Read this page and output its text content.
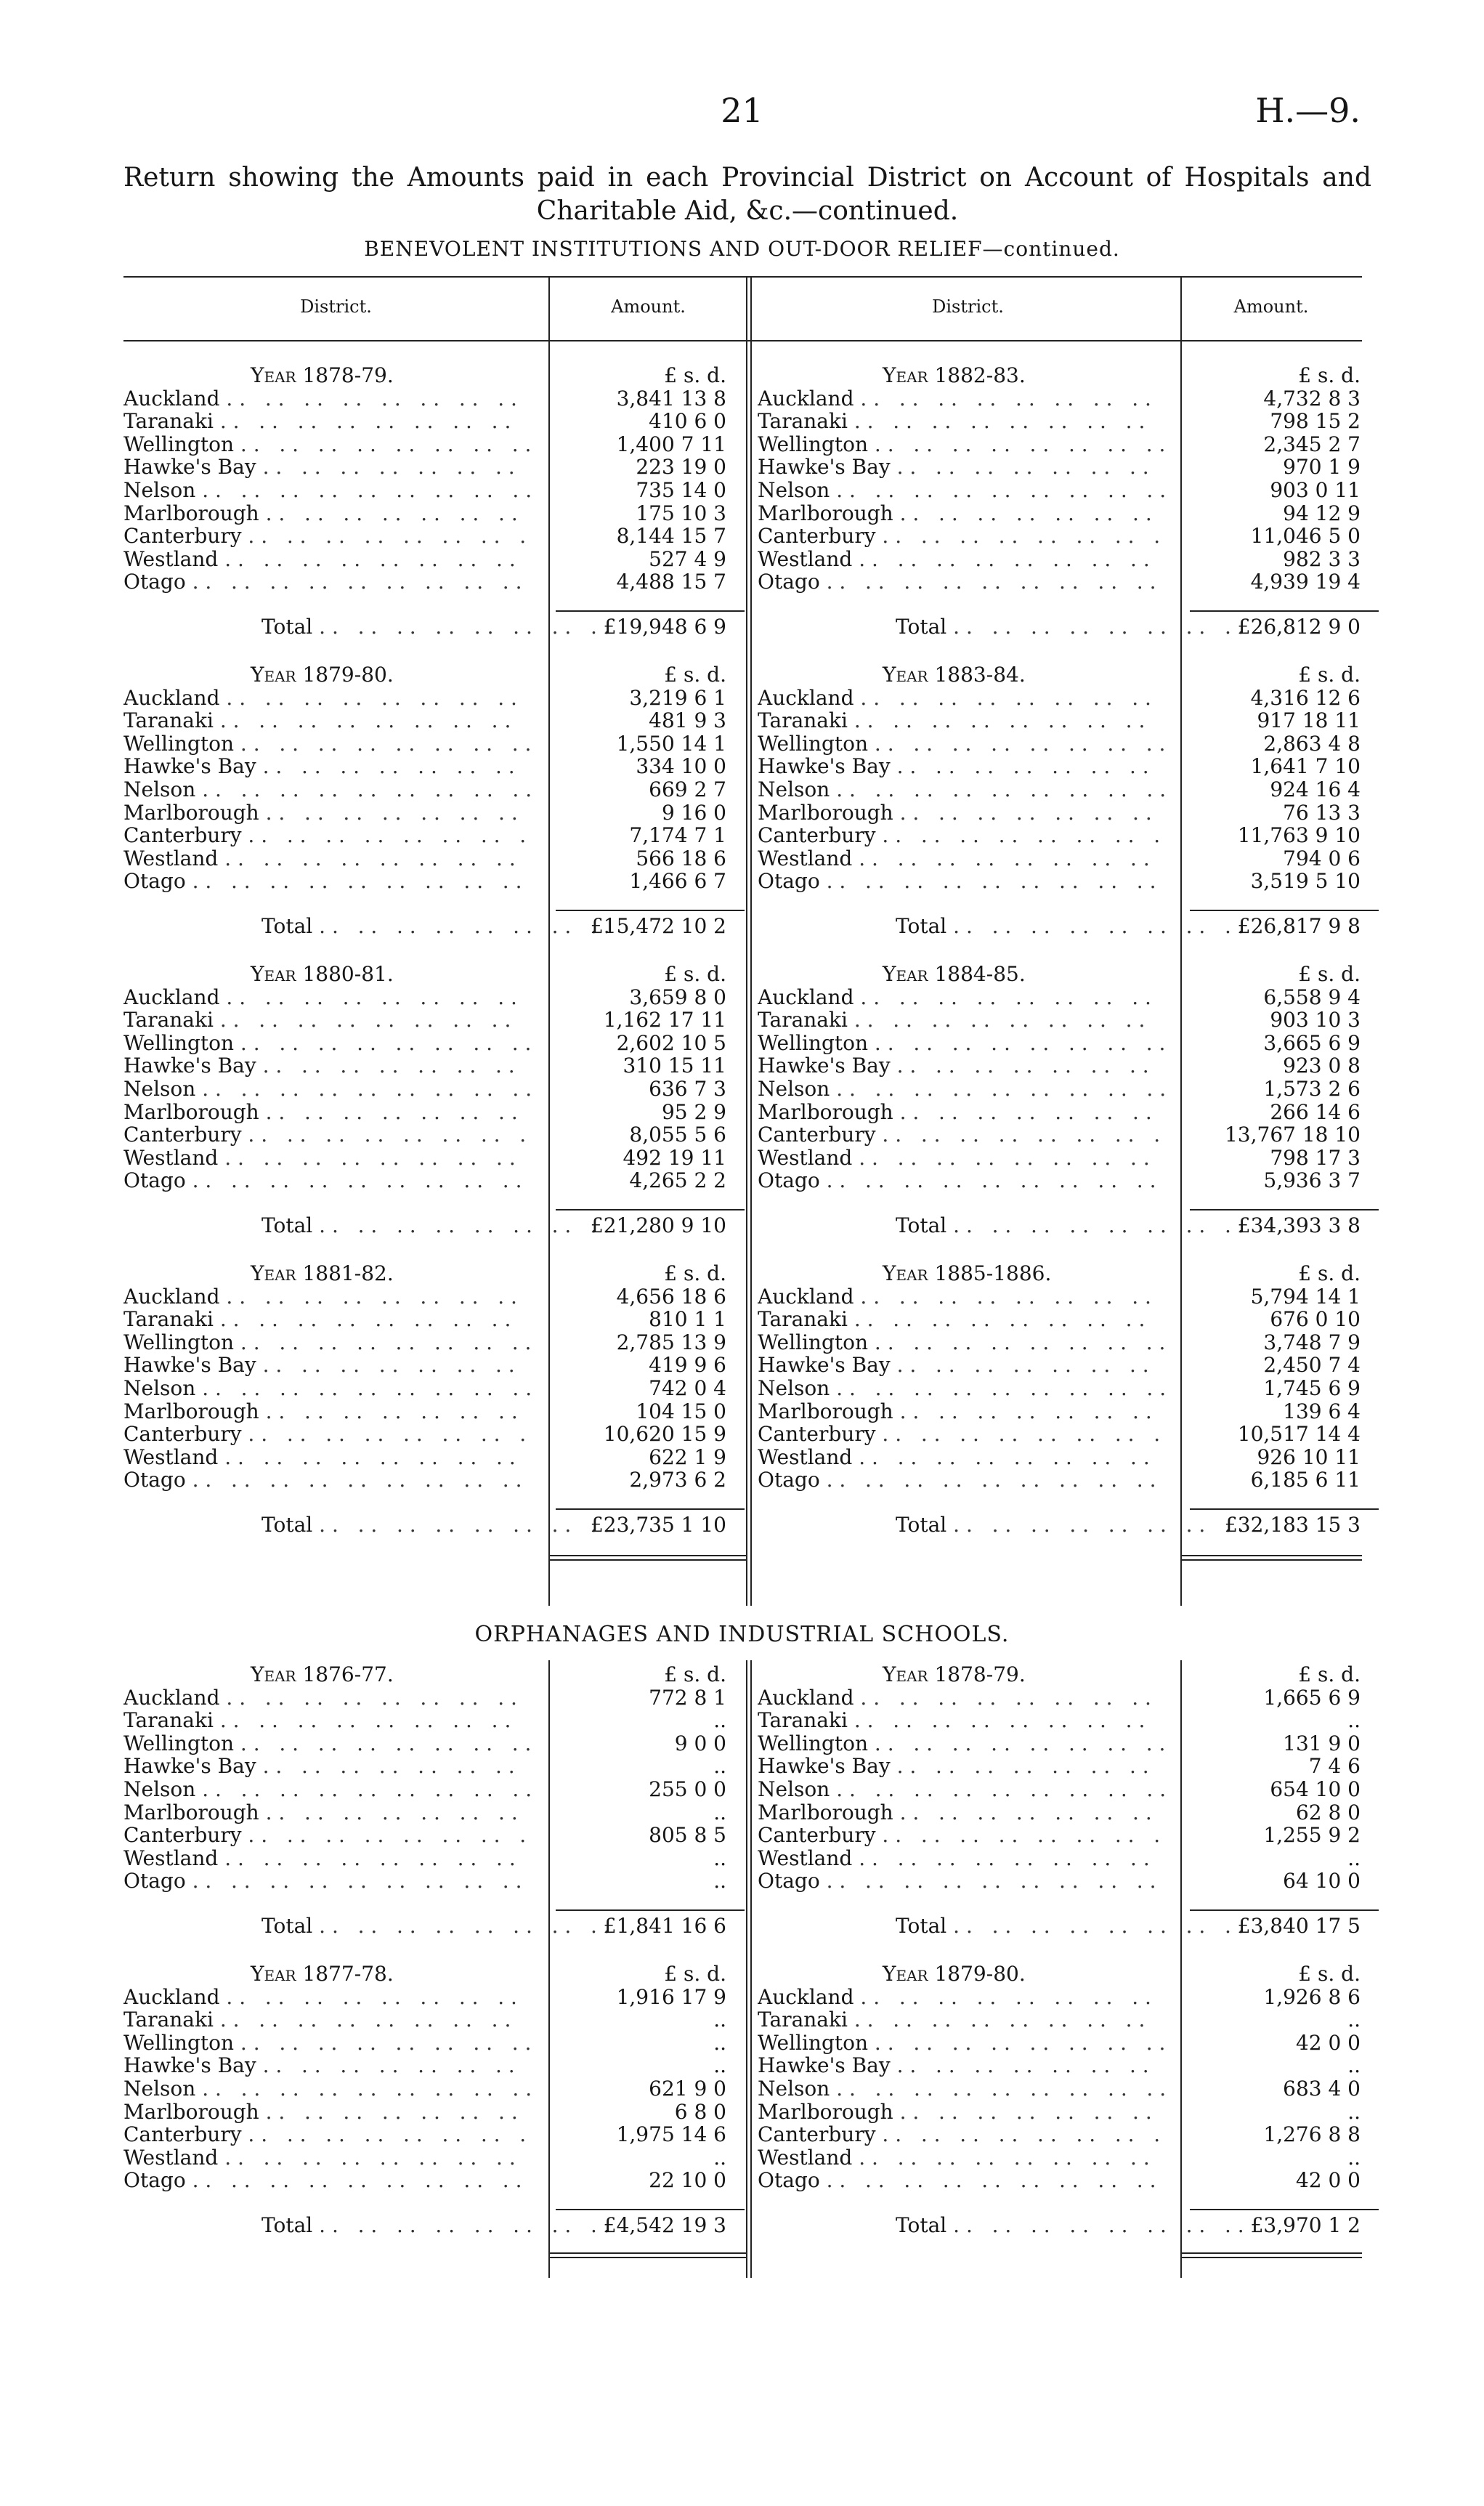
21	H.—9.
Return showing the Amounts paid in each Provincial District on Account of Hospitals and Charitable Aid, &c.—continued.
BENEVOLENT INSTITUTIONS AND OUT-DOOR RELIEF—continued.
ORPHANAGES AND INDUSTRIAL SCHOOLS.
District.	Amount.	District.	Amount.
Year 1878-79.	£ s. d.
Auckland . .	3,841 13 8
Taranaki . .	410 6 0
Wellington . .	1,400 7 11
Hawke's Bay . .	223 19 0
Nelson . .	735 14 0
Marlborough . .	175 10 3
Canterbury . .	8,144 15 7
Westland . .	527 4 9
Otago . .	4,488 15 7
Total . .	£19,948 6 9
Year 1882-83.	£ s. d.
Auckland . .	4,732 8 3
Taranaki . .	798 15 2
Wellington . .	2,345 2 7
Hawke's Bay . .	970 1 9
Nelson . .	903 0 11
Marlborough . .	94 12 9
Canterbury . .	11,046 5 0
Westland . .	982 3 3
Otago . .	4,939 19 4
Total . .	£26,812 9 0
Year 1879-80.	£ s. d.
Auckland . .	3,219 6 1
Taranaki . .	481 9 3
Wellington . .	1,550 14 1
Hawke's Bay . .	334 10 0
Nelson . .	669 2 7
Marlborough . .	9 16 0
Canterbury . .	7,174 7 1
Westland . .	566 18 6
Otago . .	1,466 6 7
Total . .	£15,472 10 2
Year 1883-84.	£ s. d.
Auckland . .	4,316 12 6
Taranaki . .	917 18 11
Wellington . .	2,863 4 8
Hawke's Bay . .	1,641 7 10
Nelson . .	924 16 4
Marlborough . .	76 13 3
Canterbury . .	11,763 9 10
Westland . .	794 0 6
Otago . .	3,519 5 10
Total . .	£26,817 9 8
Year 1880-81.	£ s. d.
Auckland . .	3,659 8 0
Taranaki . .	1,162 17 11
Wellington . .	2,602 10 5
Hawke's Bay . .	310 15 11
Nelson . .	636 7 3
Marlborough . .	95 2 9
Canterbury . .	8,055 5 6
Westland . .	492 19 11
Otago . .	4,265 2 2
Total . .	£21,280 9 10
Year 1884-85.	£ s. d.
Auckland . .	6,558 9 4
Taranaki . .	903 10 3
Wellington . .	3,665 6 9
Hawke's Bay . .	923 0 8
Nelson . .	1,573 2 6
Marlborough . .	266 14 6
Canterbury . .	13,767 18 10
Westland . .	798 17 3
Otago . .	5,936 3 7
Total . .	£34,393 3 8
Year 1881-82.	£ s. d.
Auckland . .	4,656 18 6
Taranaki . .	810 1 1
Wellington . .	2,785 13 9
Hawke's Bay . .	419 9 6
Nelson . .	742 0 4
Marlborough . .	104 15 0
Canterbury . .	10,620 15 9
Westland . .	622 1 9
Otago . .	2,973 6 2
Total . .	£23,735 1 10
Year 1885-1886.	£ s. d.
Auckland . .	5,794 14 1
Taranaki . .	676 0 10
Wellington . .	3,748 7 9
Hawke's Bay . .	2,450 7 4
Nelson . .	1,745 6 9
Marlborough . .	139 6 4
Canterbury . .	10,517 14 4
Westland . .	926 10 11
Otago . .	6,185 6 11
Total . .	£32,183 15 3
Year 1876-77.	£ s. d.
Auckland . .	772 8 1
Taranaki . .	..
Wellington . .	9 0 0
Hawke's Bay . .	..
Nelson . .	255 0 0
Marlborough . .	..
Canterbury . .	805 8 5
Westland . .	..
Otago . .	..
Total . .	£1,841 16 6
Year 1878-79.	£ s. d.
Auckland . .	1,665 6 9
Taranaki . .	..
Wellington . .	131 9 0
Hawke's Bay . .	7 4 6
Nelson . .	654 10 0
Marlborough . .	62 8 0
Canterbury . .	1,255 9 2
Westland . .	..
Otago . .	64 10 0
Total . .	£3,840 17 5
Year 1877-78.	£ s. d.
Auckland . .	1,916 17 9
Taranaki . .	..
Wellington . .	..
Hawke's Bay . .	..
Nelson . .	621 9 0
Marlborough . .	6 8 0
Canterbury . .	1,975 14 6
Westland . .	..
Otago . .	22 10 0
Total . .	£4,542 19 3
Year 1879-80.	£ s. d.
Auckland . .	1,926 8 6
Taranaki . .	..
Wellington . .	42 0 0
Hawke's Bay . .	..
Nelson . .	683 4 0
Marlborough . .	..
Canterbury . .	1,276 8 8
Westland . .	..
Otago . .	42 0 0
Total . .	£3,970 1 2
